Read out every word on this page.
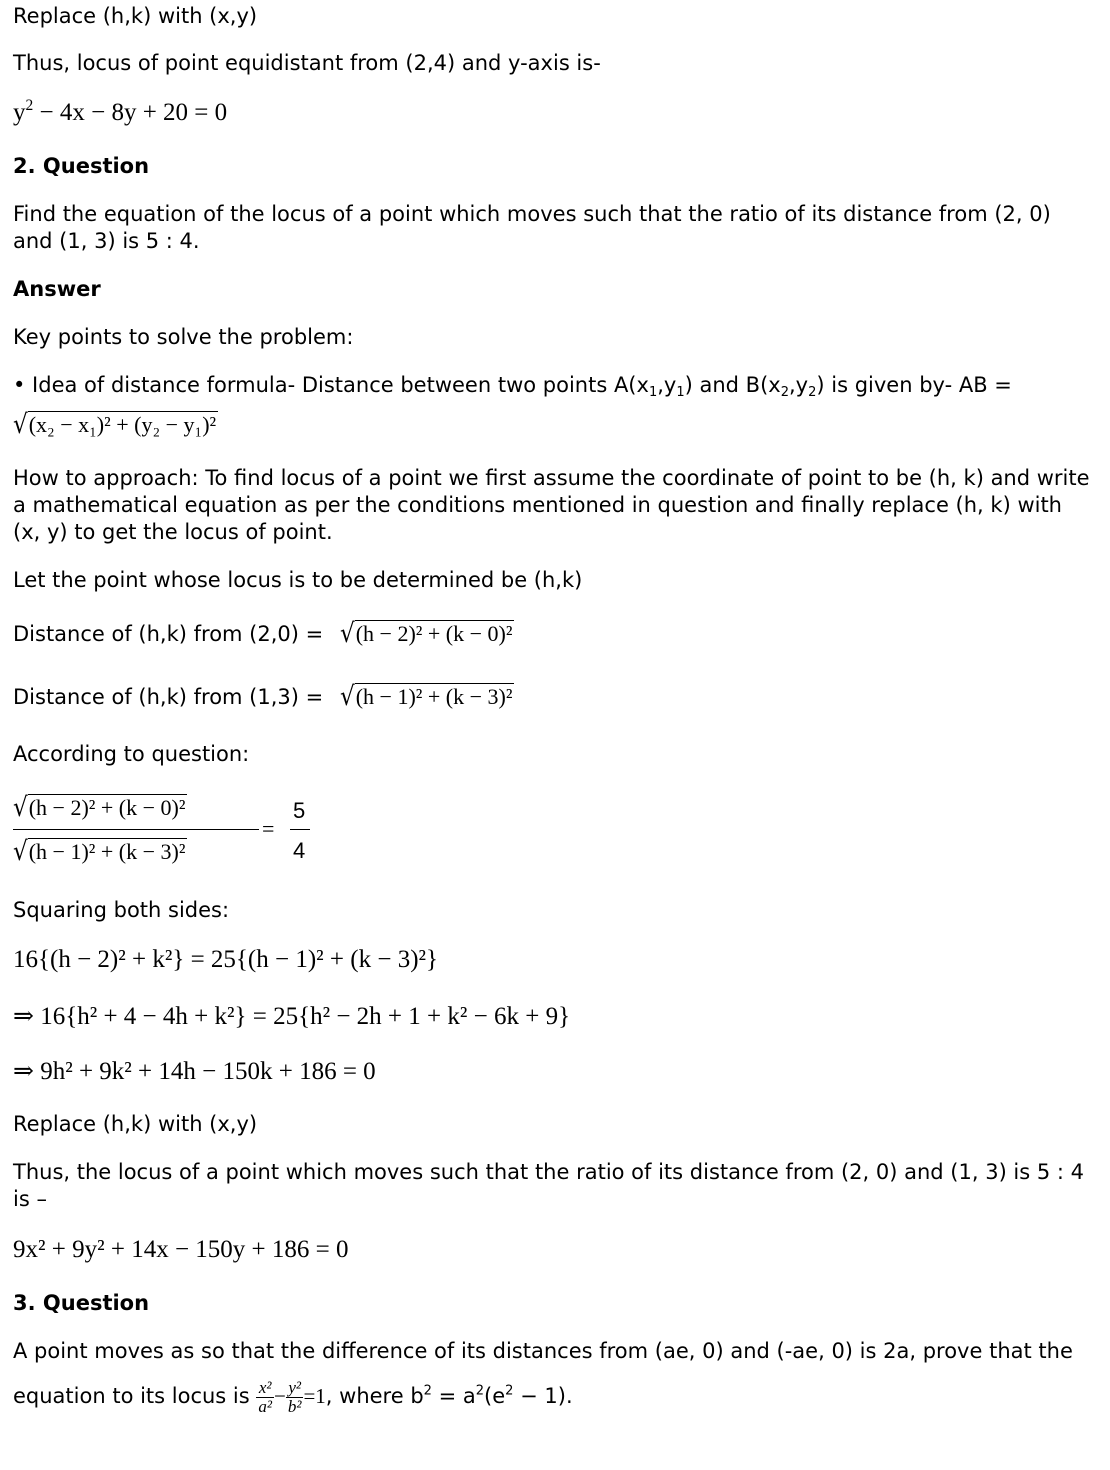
Replace (h,k) with (x,y)
Thus, locus of point equidistant from (2,4) and y-axis is-
$y^2 - 4x - 8y + 20 = 0$
2. Question
Find the equation of the locus of a point which moves such that the ratio of its distance from (2, 0) and (1, 3) is 5 : 4.
Answer
Key points to solve the problem:
• Idea of distance formula- Distance between two points $A(x_1,y_1)$ and $B(x_2,y_2)$ is given by- AB =
√(x₂ − x₁)² + (y₂ − y₁)²
How to approach: To find locus of a point we first assume the coordinate of point to be (h, k) and write a mathematical equation as per the conditions mentioned in question and finally replace (h, k) with (x, y) to get the locus of point.
Let the point whose locus is to be determined be (h,k)
Distance of (h,k) from (2,0) = √(h − 2)² + (k − 0)²
Distance of (h,k) from (1,3) = √(h − 1)² + (k − 3)²
According to question:
√(h − 2)² + (k − 0)²
√(h − 1)² + (k − 3)²
=
5
4
Squaring both sides:
16{(h − 2)² + k²} = 25{(h − 1)² + (k − 3)²}
⇒ 16{h² + 4 − 4h + k²} = 25{h² − 2h + 1 + k² − 6k + 9}
⇒ 9h² + 9k² + 14h − 150k + 186 = 0
Replace (h,k) with (x,y)
Thus, the locus of a point which moves such that the ratio of its distance from (2, 0) and (1, 3) is 5 : 4 is –
9x² + 9y² + 14x − 150y + 186 = 0
3. Question
A point moves as so that the difference of its distances from (ae, 0) and (-ae, 0) is 2a, prove that the
equation to its locus is $\frac{\text{x²}}{\text{a²}} - \frac{\text{y²}}{\text{b²}} =1$, where $b^2 = a^2(e^2 - 1)$.
